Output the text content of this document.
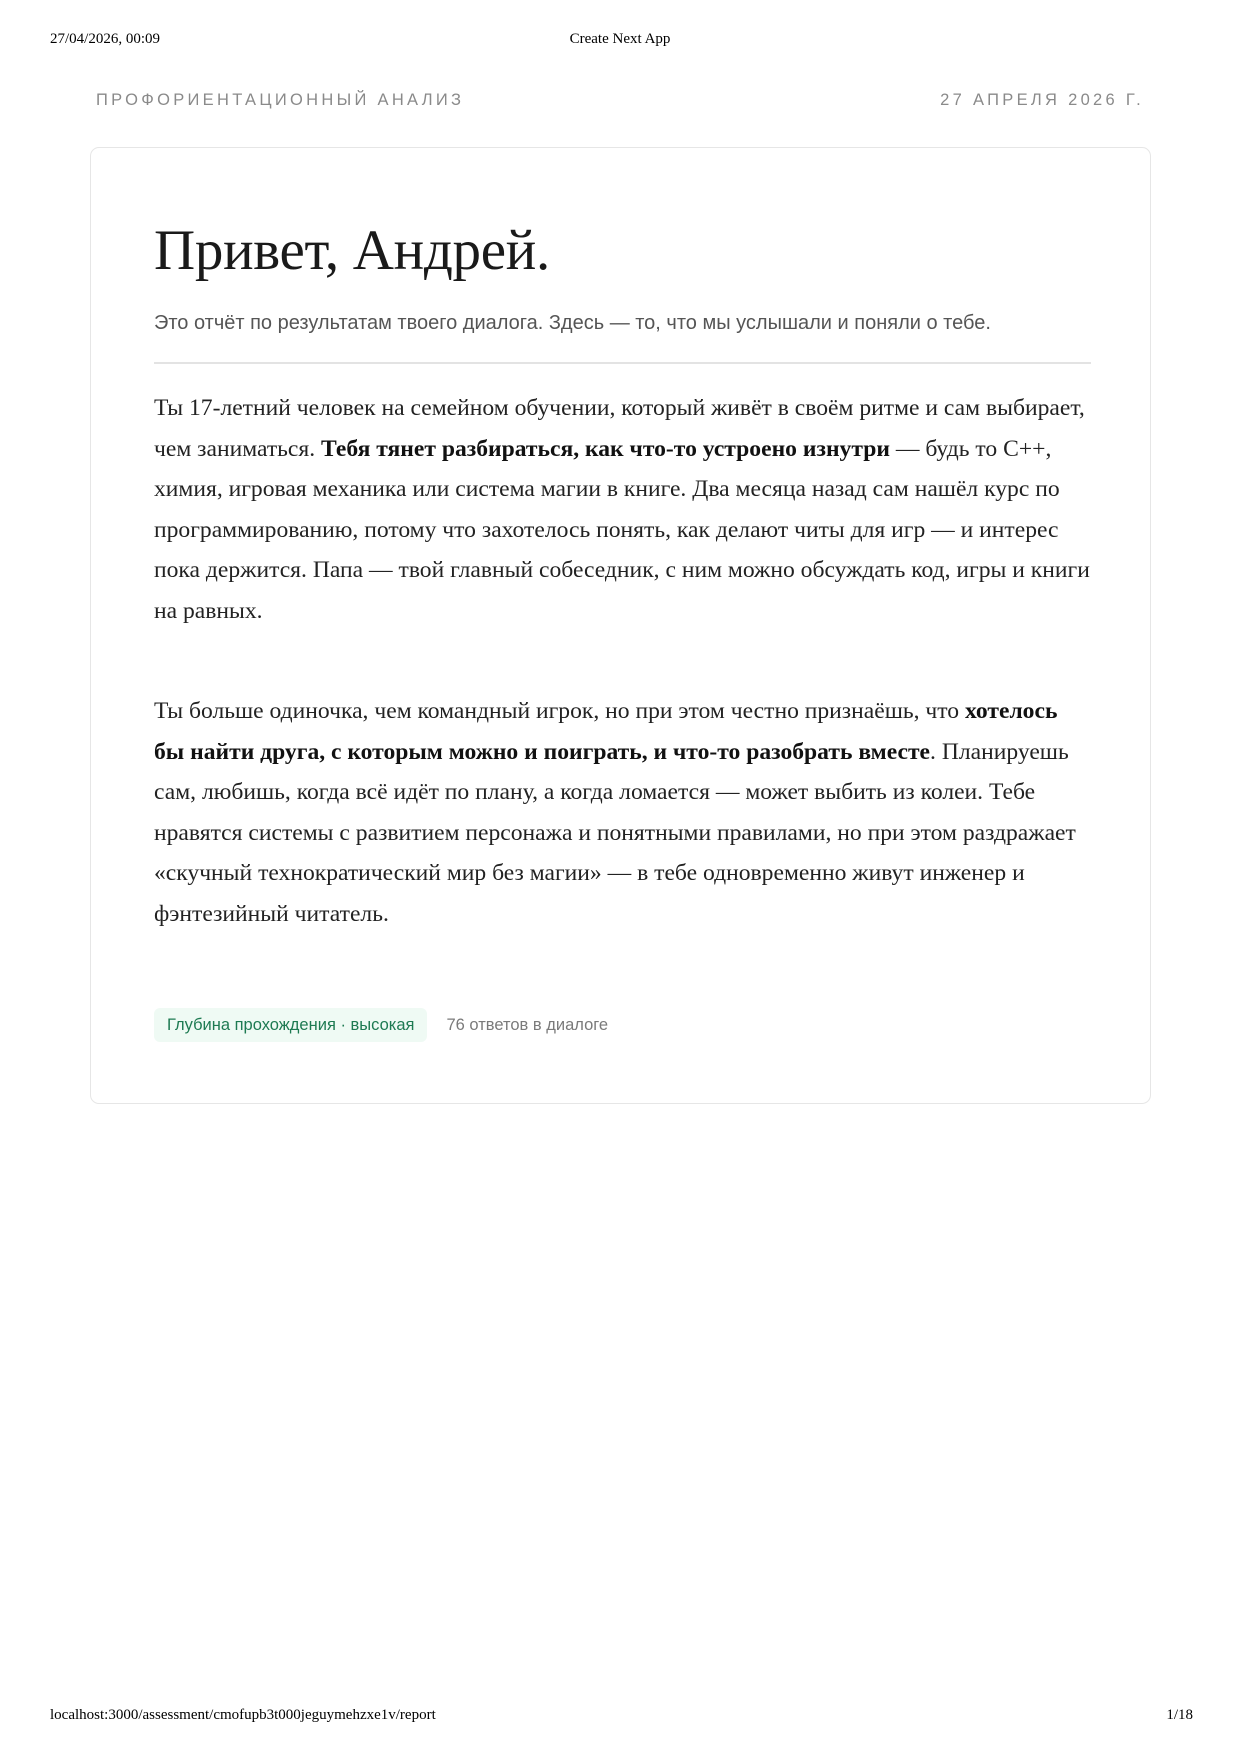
27/04/2026, 00:09	Create Next App
ПРОФОРИЕНТАЦИОННЫЙ АНАЛИЗ	27 АПРЕЛЯ 2026 Г.
Привет, Андрей.

Это отчёт по результатам твоего диалога. Здесь — то, что мы услышали и поняли о тебе.

Ты 17-летний человек на семейном обучении, который живёт в своём ритме и сам выбирает, чем заниматься. Тебя тянет разбираться, как что-то устроено изнутри — будь то C++, химия, игровая механика или система магии в книге. Два месяца назад сам нашёл курс по программированию, потому что захотелось понять, как делают читы для игр — и интерес пока держится. Папа — твой главный собеседник, с ним можно обсуждать код, игры и книги на равных.

Ты больше одиночка, чем командный игрок, но при этом честно признаёшь, что хотелось бы найти друга, с которым можно и поиграть, и что-то разобрать вместе. Планируешь сам, любишь, когда всё идёт по плану, а когда ломается — может выбить из колеи. Тебе нравятся системы с развитием персонажа и понятными правилами, но при этом раздражает «скучный технократический мир без магии» — в тебе одновременно живут инженер и фэнтезийный читатель.

Глубина прохождения · высокая	76 ответов в диалоге
localhost:3000/assessment/cmofupb3t000jeguymehzxe1v/report	1/18
